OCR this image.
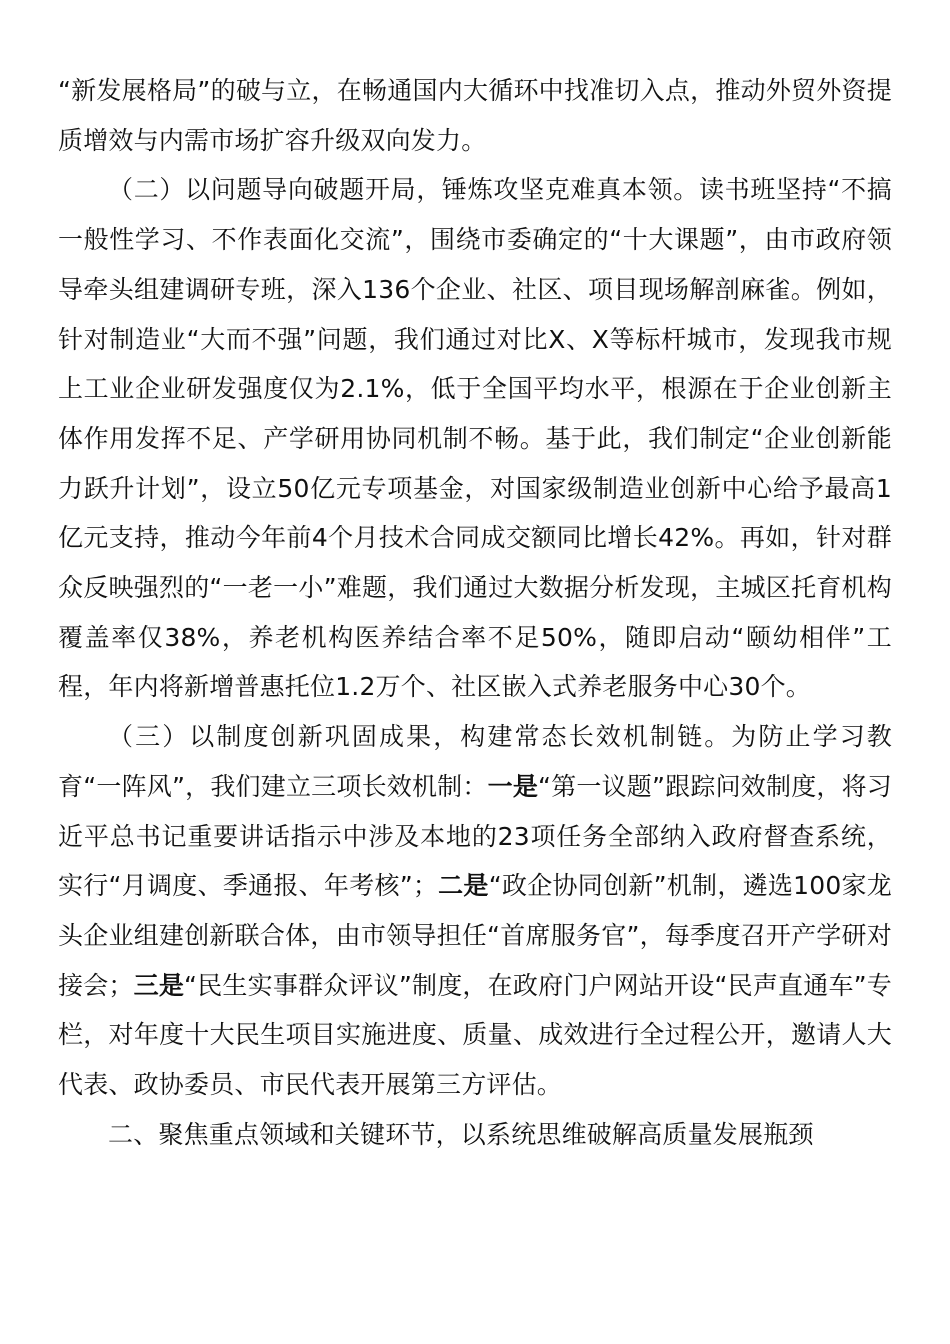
“新发展格局”的破与立，在畅通国内大循环中找准切入点，推动外贸外资提质增效与内需市场扩容升级双向发力。

（二）以问题导向破题开局，锤炼攻坚克难真本领。读书班坚持“不搞一般性学习、不作表面化交流”，围绕市委确定的“十大课题”，由市政府领导牵头组建调研专班，深入136个企业、社区、项目现场解剖麻雀。例如，针对制造业“大而不强”问题，我们通过对比X、X等标杆城市，发现我市规上工业企业研发强度仅为2.1%，低于全国平均水平，根源在于企业创新主体作用发挥不足、产学研用协同机制不畅。基于此，我们制定“企业创新能力跃升计划”，设立50亿元专项基金，对国家级制造业创新中心给予最高1亿元支持，推动今年前4个月技术合同成交额同比增长42%。再如，针对群众反映强烈的“一老一小”难题，我们通过大数据分析发现，主城区托育机构覆盖率仅38%，养老机构医养结合率不足50%，随即启动“颐幼相伴”工程，年内将新增普惠托位1.2万个、社区嵌入式养老服务中心30个。

（三）以制度创新巩固成果，构建常态长效机制链。为防止学习教育“一阵风”，我们建立三项长效机制：一是“第一议题”跟踪问效制度，将习近平总书记重要讲话指示中涉及本地的23项任务全部纳入政府督查系统，实行“月调度、季通报、年考核”；二是“政企协同创新”机制，遴选100家龙头企业组建创新联合体，由市领导担任“首席服务官”，每季度召开产学研对接会；三是“民生实事群众评议”制度，在政府门户网站开设“民声直通车”专栏，对年度十大民生项目实施进度、质量、成效进行全过程公开，邀请人大代表、政协委员、市民代表开展第三方评估。

二、聚焦重点领域和关键环节，以系统思维破解高质量发展瓶颈
